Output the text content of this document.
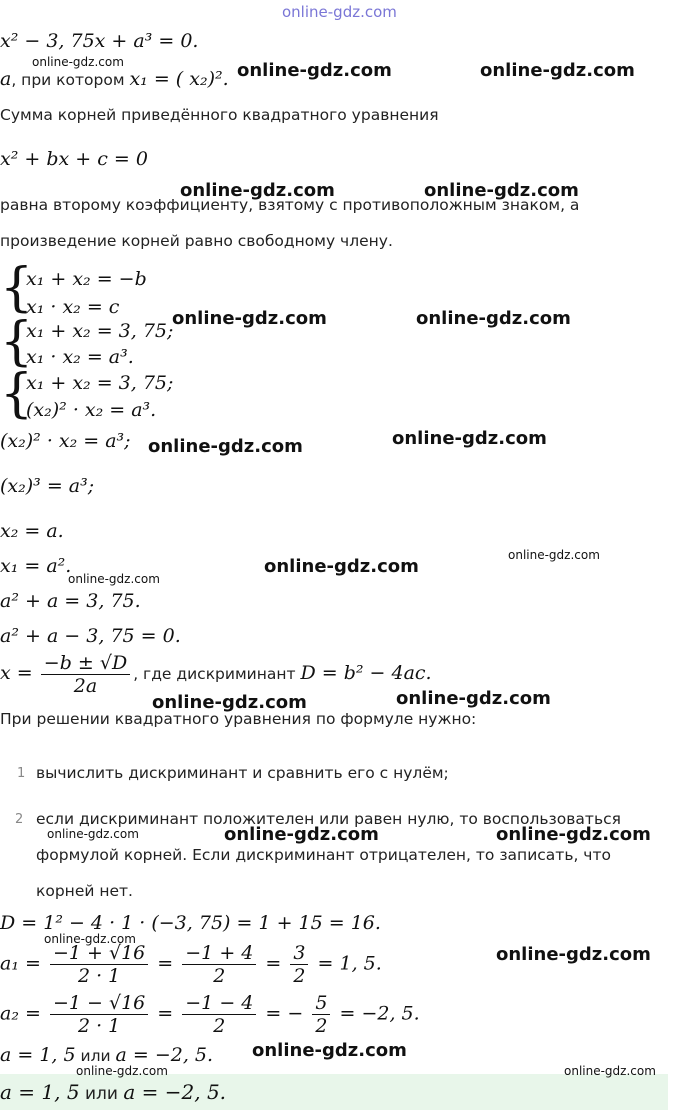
online-gdz.com
x² − 3, 75x + a³ = 0.
a, при котором x₁ = ( x₂)².
Сумма корней приведённого квадратного уравнения
x² + bx + c = 0
равна второму коэффициенту, взятому с противоположным знаком, а
произведение корней равно свободному члену.
{
x₁ + x₂ = −b
x₁ · x₂ = c
{
x₁ + x₂ = 3, 75;
x₁ · x₂ = a³.
{
x₁ + x₂ = 3, 75;
(x₂)² · x₂ = a³.
(x₂)² · x₂ = a³;
(x₂)³ = a³;
x₂ = a.
x₁ = a².
a² + a = 3, 75.
a² + a − 3, 75 = 0.
$x = \frac{-b \pm √D}{2a}$ , где дискриминант D = b² − 4ac.
При решении квадратного уравнения по формуле нужно:
1 вычислить дискриминант и сравнить его с нулём;
2 если дискриминант положителен или равен нулю, то воспользоваться
формулой корней. Если дискриминант отрицателен, то записать, что
корней нет.
D = 1² − 4 · 1 · (−3, 75) = 1 + 15 = 16.
$a_1 = \frac{-1 + √16}{2 \cdot 1} = \frac{-1 + 4}{2} = \frac{3}{2} = 1$, 5.
$a_2 = \frac{-1 - √16}{2 \cdot 1} = \frac{-1 - 4}{2}$ = − $\frac{5}{2} = -2$, 5.
a = 1, 5 или a = −2, 5.
a = 1, 5 или a = −2, 5.
online-gdz.com	online-gdz.com	online-gdz.com
online-gdz.com	online-gdz.com
online-gdz.com	online-gdz.com
online-gdz.com	online-gdz.com
online-gdz.com
online-gdz.com
online-gdz.com
online-gdz.com	online-gdz.com
online-gdz.com	online-gdz.com	online-gdz.com
online-gdz.com
online-gdz.com
online-gdz.com
online-gdz.com	online-gdz.com
